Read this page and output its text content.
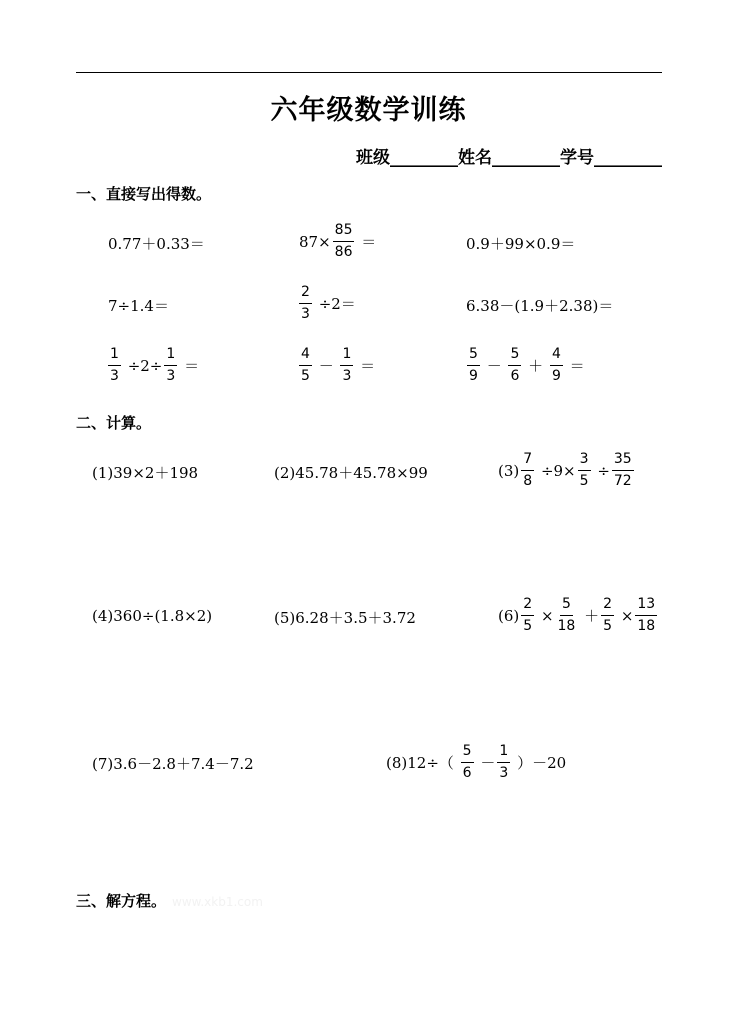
六年级数学训练
班级________姓名________学号________
一、直接写出得数。
0.77＋0.33＝	$87\times \frac{85}{86}$ ＝	0.9＋99×0.9＝
7÷1.4＝	$\frac{2}{3} \div 2=$	6.38－(1.9＋2.38)＝
$\frac{1}{3} \div 2\div \frac{1}{3}$ ＝	$\frac{4}{5} - \frac{1}{3}$ ＝	$\frac{5}{9} - \frac{5}{6} + \frac{4}{9}$ ＝
二、计算。
(1)39×2＋198	(2)45.78＋45.78×99	$(3) \frac{7}{8} \div 9\times \frac{3}{5} \div \frac{35}{72}$
(4)360÷(1.8×2)	(5)6.28＋3.5＋3.72	$(6) \frac{2}{5} \times \frac{5}{18} + \frac{2}{5} \times \frac{13}{18}$
(7)3.6－2.8＋7.4－7.2	$(8)12\div( \frac{5}{6} - \frac{1}{3} )-20$
三、解方程。 www.xkb1.com
